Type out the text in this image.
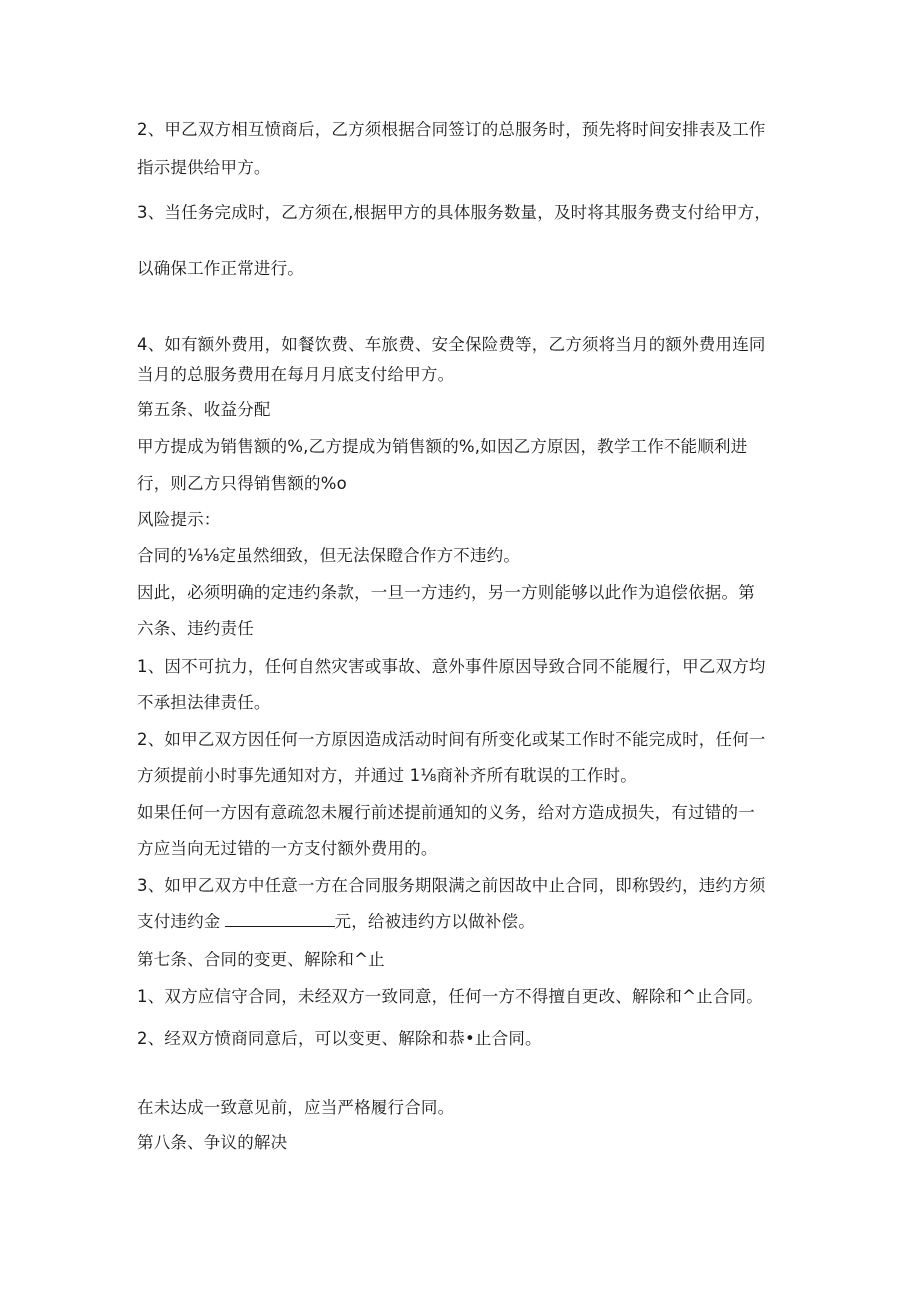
2、甲乙双方相互愤商后，乙方须根据合同签订的总服务时，预先将时间安排表及工作
指示提供给甲方。
3、当任务完成时，乙方须在,根据甲方的具体服务数量，及时将其服务费支付给甲方，
以确保工作正常进行。
4、如有额外费用，如餐饮费、车旅费、安全保险费等，乙方须将当月的额外费用连同
当月的总服务费用在每月月底支付给甲方。
第五条、收益分配
甲方提成为销售额的%,乙方提成为销售额的%,如因乙方原因，教学工作不能顺利进
行，则乙方只得销售额的%o
风险提示：
合同的⅛⅛定虽然细致，但无法保瞪合作方不违约。
因此，必须明确的定违约条款，一旦一方违约，另一方则能够以此作为追偿依据。第
六条、违约责任
1、因不可抗力，任何自然灾害或事故、意外事件原因导致合同不能履行，甲乙双方均
不承担法律责任。
2、如甲乙双方因任何一方原因造成活动时间有所变化或某工作时不能完成时，任何一
方须提前小时事先通知对方，并通过 1⅛商补齐所有耽误的工作时。
如果任何一方因有意疏忽未履行前述提前通知的义务，给对方造成损失，有过错的一
方应当向无过错的一方支付额外费用的。
3、如甲乙双方中任意一方在合同服务期限满之前因故中止合同，即称毁约，违约方须
支付违约金	元，给被违约方以做补偿。
第七条、合同的变更、解除和^止
1、双方应信守合同，未经双方一致同意，任何一方不得擅自更改、解除和^止合同。
2、经双方愤商同意后，可以变更、解除和恭•止合同。
在未达成一致意见前，应当严格履行合同。
第八条、争议的解决
